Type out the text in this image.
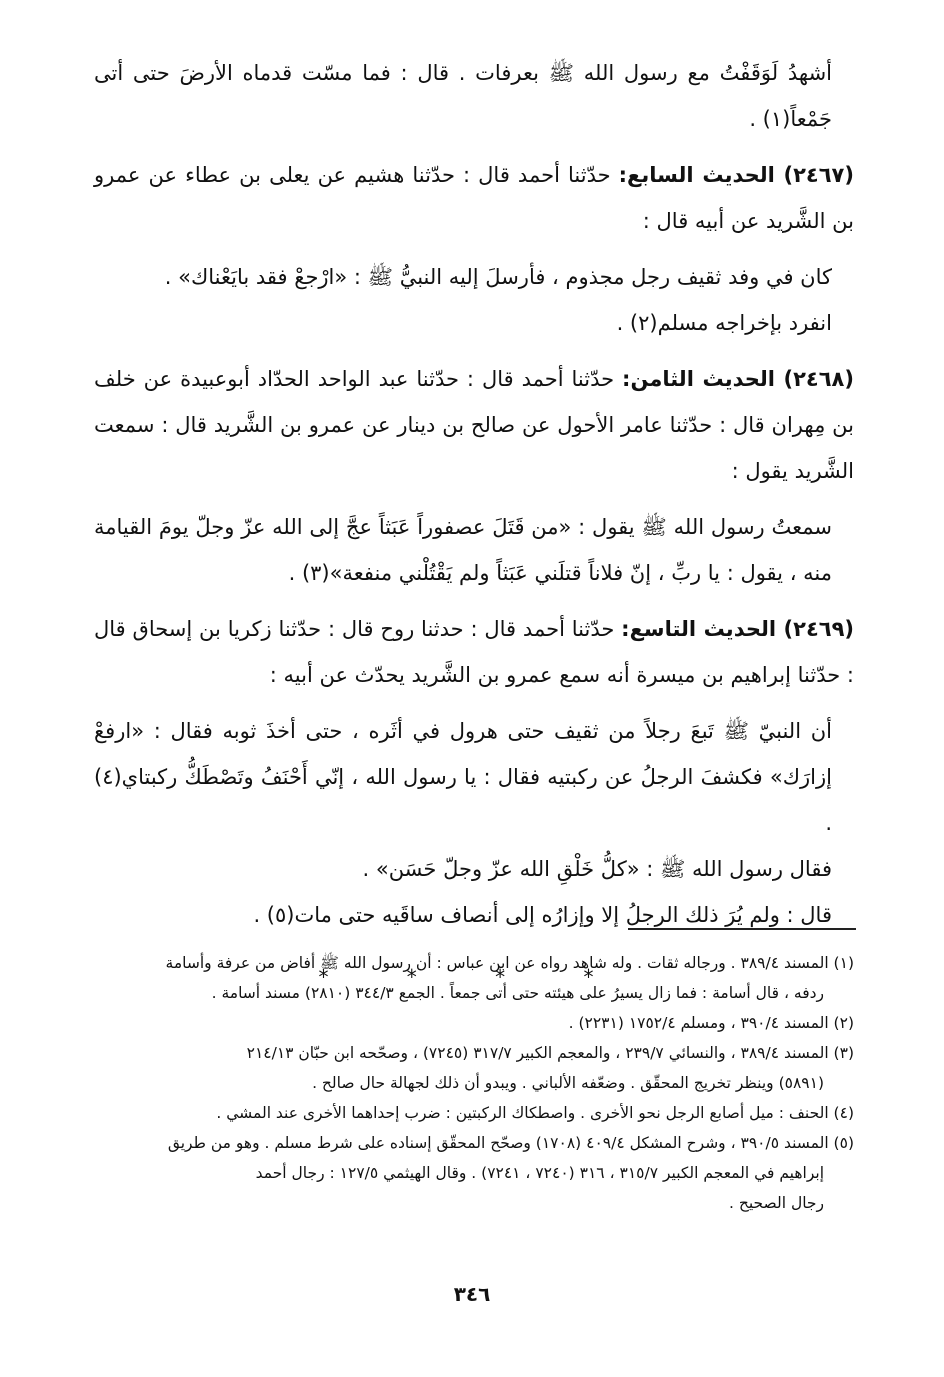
أشهدُ لَوَقَفْتُ مع رسول الله ﷺ بعرفات . قال : فما مسّت قدماه الأرضَ حتى أتى جَمْعاً(١) .

(٢٤٦٧) الحديث السابع: حدّثنا أحمد قال : حدّثنا هشيم عن يعلى بن عطاء عن عمرو بن الشَّريد عن أبيه قال :

كان في وفد ثقيف رجل مجذوم ، فأرسلَ إليه النبيُّ ﷺ : «ارْجعْ فقد بايَعْناك» .

انفرد بإخراجه مسلم(٢) .

(٢٤٦٨) الحديث الثامن: حدّثنا أحمد قال : حدّثنا عبد الواحد الحدّاد أبوعبيدة عن خلف بن مِهران قال : حدّثنا عامر الأحول عن صالح بن دينار عن عمرو بن الشَّريد قال : سمعت الشَّريد يقول :

سمعتُ رسول الله ﷺ يقول : «من قَتَلَ عصفوراً عَبَثاً عجَّ إلى الله عزّ وجلّ يومَ القيامة منه ، يقول : يا ربِّ ، إنّ فلاناً قتلَني عَبَثاً ولم يَقْتُلْني منفعة»(٣) .

(٢٤٦٩) الحديث التاسع: حدّثنا أحمد قال : حدثنا روح قال : حدّثنا زكريا بن إسحاق قال : حدّثنا إبراهيم بن ميسرة أنه سمع عمرو بن الشَّريد يحدّث عن أبيه :

أن النبيّ ﷺ تَبعَ رجلاً من ثقيف حتى هرول في أثَره ، حتى أخذَ ثوبه فقال : «ارفعْ إزارَك» فكشفَ الرجلُ عن ركبتيه فقال : يا رسول الله ، إنّي أَحْنَفُ وتَصْطَكُّ ركبتاي(٤) .

فقال رسول الله ﷺ : «كلُّ خَلْقِ الله عزّ وجلّ حَسَن» .

قال : ولم يُرَ ذلك الرجلُ إلا وإزارُه إلى أنصاف ساقَيه حتى مات(٥) .

* * * *

(١) المسند ٣٨٩/٤ . ورجاله ثقات . وله شاهد رواه عن ابن عباس : أن رسول الله ﷺ أفاض من عرفة وأسامة

ردفه ، قال أسامة : فما زال يسيرُ على هيئته حتى أتى جمعاً . الجمع ٣٤٤/٣ (٢٨١٠) مسند أسامة .

(٢) المسند ٣٩٠/٤ ، ومسلم ١٧٥٢/٤ (٢٢٣١) .

(٣) المسند ٣٨٩/٤ ، والنسائي ٢٣٩/٧ ، والمعجم الكبير ٣١٧/٧ (٧٢٤٥) ، وصحّحه ابن حبّان ٢١٤/١٣

(٥٨٩١) وينظر تخريج المحقّق . وضعّفه الألباني . ويبدو أن ذلك لجهالة حال صالح .

(٤) الحنف : ميل أصابع الرجل نحو الأخرى . واصطكاك الركبتين : ضرب إحداهما الأخرى عند المشي .

(٥) المسند ٣٩٠/٥ ، وشرح المشكل ٤٠٩/٤ (١٧٠٨) وصحّح المحقّق إسناده على شرط مسلم . وهو من طريق

إبراهيم في المعجم الكبير ٣١٥/٧ ، ٣١٦ (٧٢٤٠ ، ٧٢٤١) . وقال الهيثمي ١٢٧/٥ : رجال أحمد

رجال الصحيح .

٣٤٦
